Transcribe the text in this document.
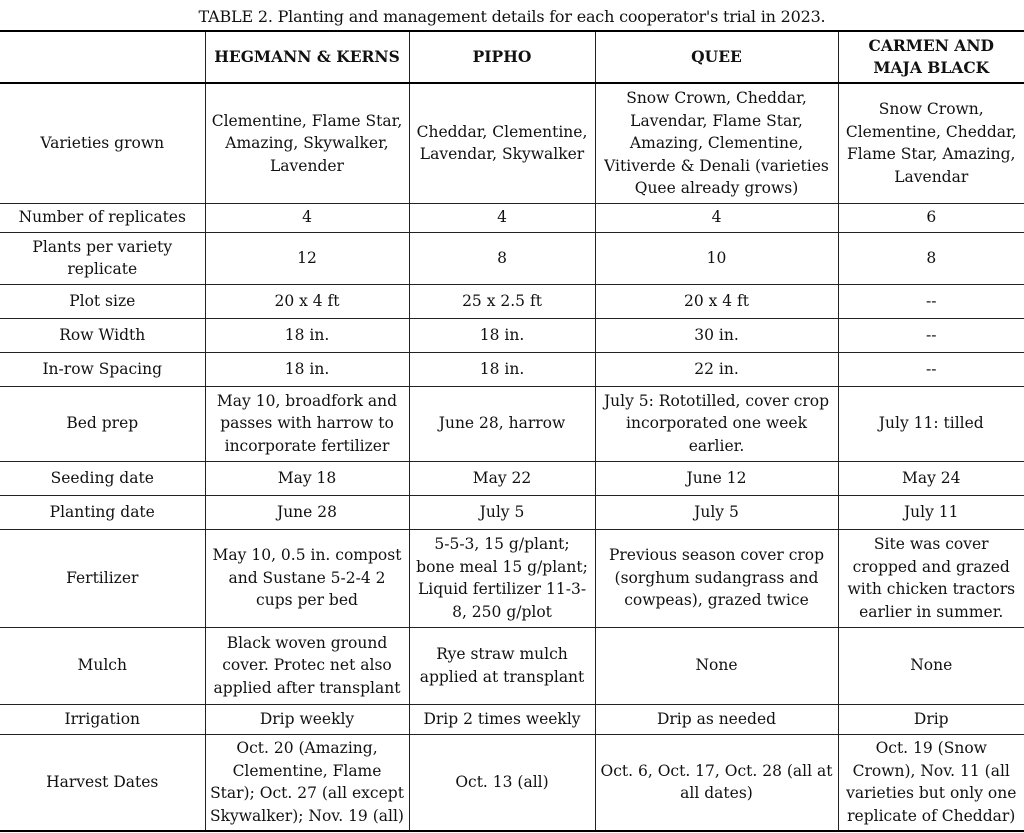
TABLE 2. Planting and management details for each cooperator's trial in 2023.
	HEGMANN & KERNS	PIPHO	QUEE	CARMEN AND MAJA BLACK
Varieties grown	Clementine, Flame Star, Amazing, Skywalker, Lavender	Cheddar, Clementine, Lavendar, Skywalker	Snow Crown, Cheddar, Lavendar, Flame Star, Amazing, Clementine, Vitiverde & Denali (varieties Quee already grows)	Snow Crown, Clementine, Cheddar, Flame Star, Amazing, Lavendar
Number of replicates	4	4	4	6
Plants per variety replicate	12	8	10	8
Plot size	20 x 4 ft	25 x 2.5 ft	20 x 4 ft	--
Row Width	18 in.	18 in.	30 in.	--
In-row Spacing	18 in.	18 in.	22 in.	--
Bed prep	May 10, broadfork and passes with harrow to incorporate fertilizer	June 28, harrow	July 5: Rototilled, cover crop incorporated one week earlier.	July 11: tilled
Seeding date	May 18	May 22	June 12	May 24
Planting date	June 28	July 5	July 5	July 11
Fertilizer	May 10, 0.5 in. compost and Sustane 5-2-4 2 cups per bed	5-5-3, 15 g/plant; bone meal 15 g/plant; Liquid fertilizer 11-3-8, 250 g/plot	Previous season cover crop (sorghum sudangrass and cowpeas), grazed twice	Site was cover cropped and grazed with chicken tractors earlier in summer.
Mulch	Black woven ground cover. Protec net also applied after transplant	Rye straw mulch applied at transplant	None	None
Irrigation	Drip weekly	Drip 2 times weekly	Drip as needed	Drip
Harvest Dates	Oct. 20 (Amazing, Clementine, Flame Star); Oct. 27 (all except Skywalker); Nov. 19 (all)	Oct. 13 (all)	Oct. 6, Oct. 17, Oct. 28 (all at all dates)	Oct. 19 (Snow Crown), Nov. 11 (all varieties but only one replicate of Cheddar)
